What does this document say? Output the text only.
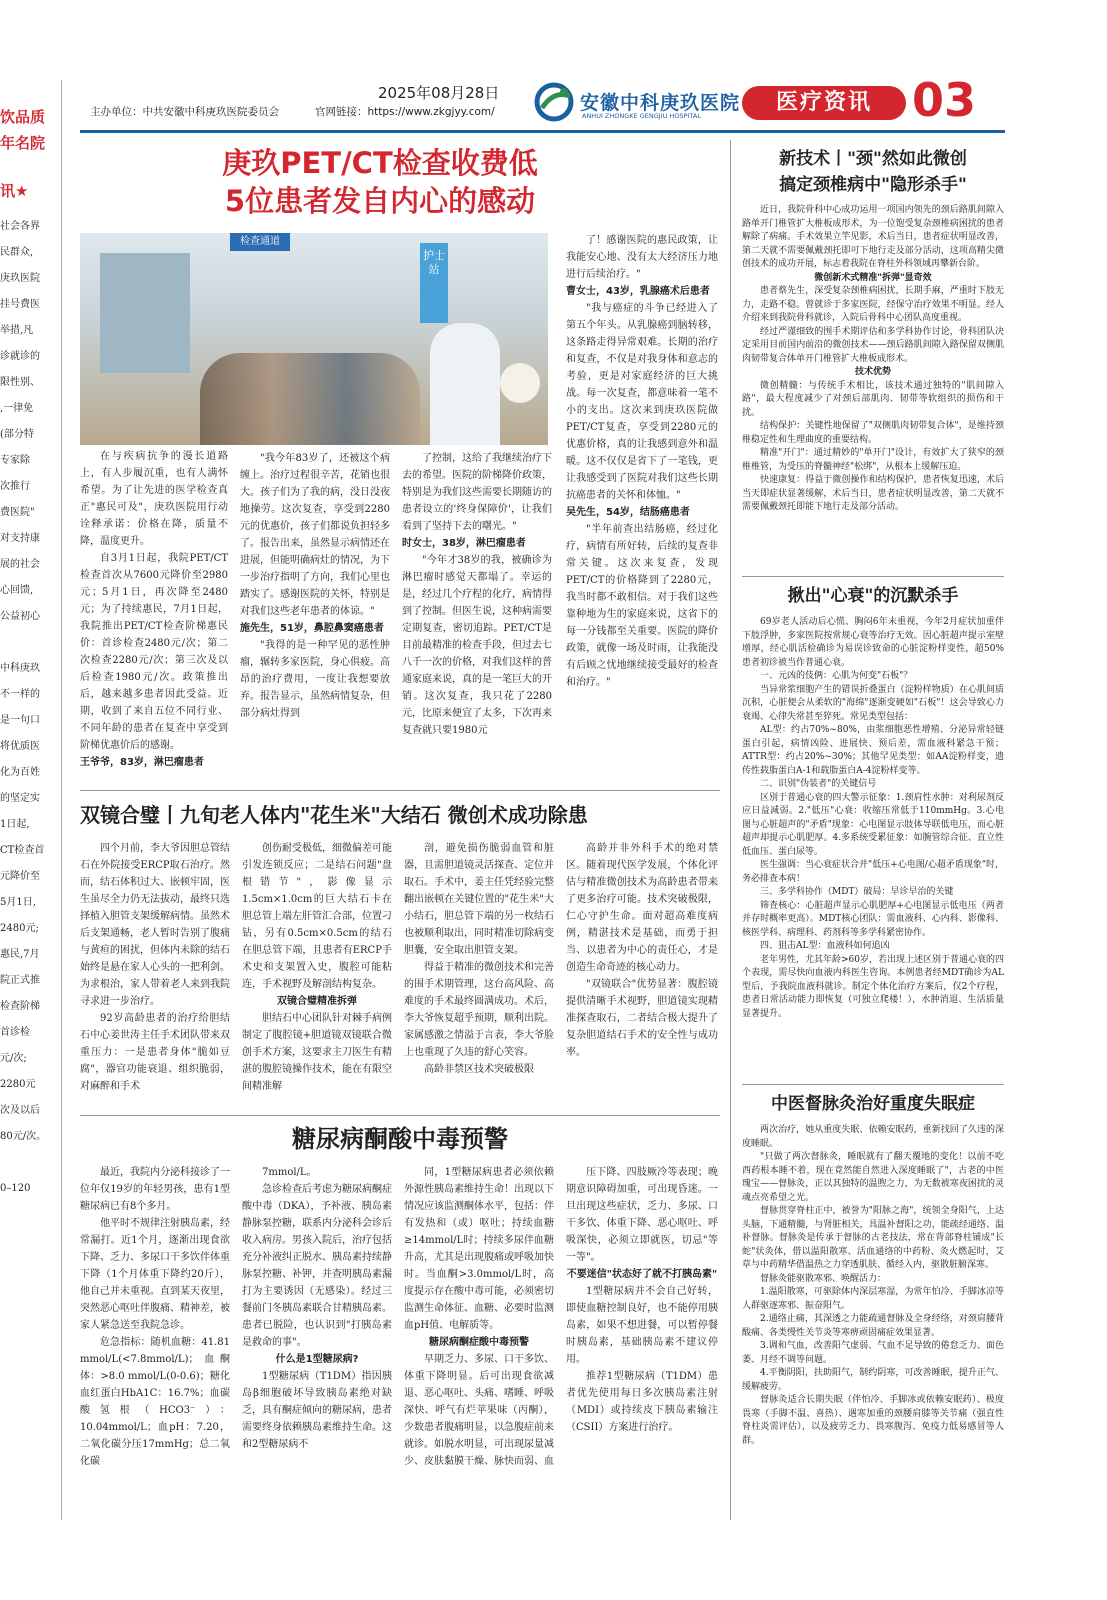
饮品质
年名院
讯★
社会各界
民群众,
庚玖医院
挂号费医
举措,凡
诊就诊的
限性别、
,一律免
(部分特
专家除
次推行
费医院"
对支持康
展的社会
心回馈,
公益初心
中科庚玖
不一样的
是一句口
将优质医
化为百姓
的坚定实
1日起,
CT检查首
元降价至
5月1日,
2480元;
惠民,7月
院正式推
检查阶梯
首诊检
元/次;
2280元
次及以后
80元/次。
0–120
2025年08月28日
主办单位：中共安徽中科庚玖医院委员会	官网链接：https://www.zkgjyy.com/	安徽中科庚玖医院
ANHUI ZHONGKE GENGJIU HOSPITAL
医疗资讯 03
庚玖PET/CT检查收费低
5位患者发自内心的感动
检查通道
护士站

在与疾病抗争的漫长道路上，有人步履沉重，也有人满怀希望。为了让先进的医学检查真正"惠民可及"，庚玖医院用行动诠释承诺：价格在降，质量不降，温度更升。

自3月1日起，我院PET/CT检查首次从7600元降价至2980元；5月1日，再次降至2480元；为了持续惠民，7月1日起，我院推出PET/CT检查阶梯惠民价：首诊检查2480元/次；第二次检查2280元/次；第三次及以后检查1980元/次。政策推出后，越来越多患者因此受益。近期，收到了来自五位不同行业、不同年龄的患者在复查中享受到阶梯优惠价后的感谢。

王爷爷，83岁，淋巴瘤患者

"我今年83岁了，还被这个病缠上。治疗过程很辛苦，花销也很大。孩子们为了我的病，没日没夜地操劳。这次复查，享受到2280元的优惠价，孩子们都说负担轻多了。报告出来，虽然显示病情还在进展，但能明确病灶的情况，为下一步治疗指明了方向，我们心里也踏实了。感谢医院的关怀，特别是对我们这些老年患者的体谅。"

施先生，51岁，鼻腔鼻窦癌患者

"我得的是一种罕见的恶性肿瘤，辗转多家医院，身心俱疲。高昂的治疗费用，一度让我想要放弃。报告显示，虽然病情复杂，但部分病灶得到

了控制，这给了我继续治疗下去的希望。医院的阶梯降价政策，特别是为我们这些需要长期随访的患者设立的'终身保障价'，让我们看到了坚持下去的曙光。"

时女士，38岁，淋巴瘤患者

"今年才38岁的我，被确诊为淋巴瘤时感觉天都塌了。幸运的是，经过几个疗程的化疗，病情得到了控制。但医生说，这种病需要定期复查，密切追踪。PET/CT是目前最精准的检查手段，但过去七八千一次的价格，对我们这样的普通家庭来说，真的是一笔巨大的开销。这次复查，我只花了2280元，比原来便宜了太多，下次再来复查就只要1980元

了！感谢医院的惠民政策，让我能安心地、没有太大经济压力地进行后续治疗。"

曹女士，43岁，乳腺癌术后患者

"我与癌症的斗争已经进入了第五个年头。从乳腺癌到脑转移，这条路走得异常艰难。长期的治疗和复查，不仅是对我身体和意志的考验，更是对家庭经济的巨大挑战。每一次复查，都意味着一笔不小的支出。这次来到庚玖医院做PET/CT复查，享受到2280元的优惠价格，真的让我感到意外和温暖。这不仅仅是省下了一笔钱，更让我感受到了医院对我们这些长期抗癌患者的关怀和体恤。"

吴先生，54岁，结肠癌患者

"半年前查出结肠癌，经过化疗，病情有所好转，后续的复查非常关键。这次来复查，发现PET/CT的价格降到了2280元，我当时都不敢相信。对于我们这些靠种地为生的家庭来说，这省下的每一分钱都至关重要。医院的降价政策，就像一场及时雨，让我能没有后顾之忧地继续接受最好的检查和治疗。"

双镜合璧丨九旬老人体内"花生米"大结石 微创术成功除患

四个月前，李大爷因胆总管结石在外院接受ERCP取石治疗。然而，结石体积过大、嵌顿牢固，医生虽尽全力仍无法拔动，最终只选择植入胆管支架缓解病情。虽然术后支架通畅，老人暂时告别了腹痛与黄疸的困扰，但体内未除的结石始终是悬在家人心头的一把利剑。为求根治，家人带着老人来到我院寻求进一步治疗。

92岁高龄患者的治疗给胆结石中心姜世涛主任手术团队带来双重压力：一是患者身体"脆如豆腐"，器官功能衰退、组织脆弱，对麻醉和手术

创伤耐受极低，细微偏差可能引发连锁反应；二是结石问题"盘根错节"，影像显示1.5cm×1.0cm的巨大结石卡在胆总管上端左肝管汇合部，位置刁钻，另有0.5cm×0.5cm的结石在胆总管下端，且患者有ERCP手术史和支架置入史，腹腔可能粘连，手术视野及解剖结构复杂。

双镜合璧精准拆弹

胆结石中心团队针对棘手病例制定了腹腔镜+胆道镜双镜联合微创手术方案，这要求主刀医生有精湛的腹腔镜操作技术，能在有限空间精准解

剖，避免损伤脆弱血管和脏器，且需胆道镜灵活探查、定位并取石。手术中，姜主任凭经验完整翻出嵌顿在关键位置的"花生米"大小结石，胆总管下端的另一枚结石也被顺利取出，同时精准切除病变胆囊，安全取出胆管支架。

得益于精准的微创技术和完善的围手术期管理，这台高风险、高难度的手术最终圆满成功。术后，李大爷恢复超乎预期，顺利出院。家属感激之情溢于言表，李大爷脸上也重现了久违的舒心笑容。

高龄非禁区技术突破极限

高龄并非外科手术的绝对禁区。随着现代医学发展，个体化评估与精准微创技术为高龄患者带来了更多治疗可能。技术突破极限，仁心守护生命。面对超高难度病例，精湛技术是基础，而勇于担当、以患者为中心的责任心，才是创造生命奇迹的核心动力。

"双镜联合"优势显著：腹腔镜提供清晰手术视野，胆道镜实现精准探查取石，二者结合极大提升了复杂胆道结石手术的安全性与成功率。

糖尿病酮酸中毒预警

最近，我院内分泌科接诊了一位年仅19岁的年轻男孩，患有1型糖尿病已有8个多月。

他平时不规律注射胰岛素，经常漏打。近1个月，逐渐出现食欲下降、乏力、多尿口干多饮伴体重下降（1个月体重下降约20斤），他自己并未重视。直到某天夜里，突然恶心呕吐伴腹痛、精神差，被家人紧急送至我院急诊。

危急指标：随机血糖：41.81 mmol/L(<7.8mmol/L)；血酮体：>8.0 mmol/L(0-0.6)；糖化血红蛋白HbA1C：16.7%；血碳酸氢根（HCO3⁻）：10.04mmol/L；血pH：7.20，二氧化碳分压17mmHg；总二氧化碳

7mmol/L。

急诊检查后考虑为糖尿病酮症酸中毒（DKA），予补液、胰岛素静脉泵控糖，联系内分泌科会诊后收入病房。男孩入院后，治疗包括充分补液纠正脱水、胰岛素持续静脉泵控糖、补钾，并查明胰岛素漏打为主要诱因（无感染）。经过三餐前门冬胰岛素联合甘精胰岛素。患者已脱险，也认识到"打胰岛素是救命的事"。

什么是1型糖尿病?

1型糖尿病（T1DM）指因胰岛β细胞破坏导致胰岛素绝对缺乏，具有酮症倾向的糖尿病，患者需要终身依赖胰岛素维持生命。这和2型糖尿病不

同，1型糖尿病患者必须依赖外源性胰岛素维持生命！出现以下情况应该监测酮体水平，包括：伴有发热和（或）呕吐；持续血糖≥14mmol/L时；持续多尿伴血糖升高，尤其是出现腹痛或呼吸加快时。当血酮>3.0mmol/L时，高度提示存在酸中毒可能，必须密切监测生命体征、血糖、必要时监测血pH值、电解质等。

糖尿病酮症酸中毒预警

早期乏力、多尿、口干多饮、体重下降明显。后可出现食欲减退、恶心呕吐、头痛、嗜睡、呼吸深快、呼气有烂苹果味（丙酮），少数患者腹痛明显，以急腹症前来就诊。如脱水明显，可出现尿量减少、皮肤黏膜干燥、脉快而弱、血

压下降、四肢厥冷等表现；晚期意识障碍加重，可出现昏迷。一旦出现这些症状，乏力、多尿、口干多饮、体重下降、恶心呕吐、呼吸深快，必须立即就医，切忌"等一等"。

不要迷信"状态好了就不打胰岛素"

1型糖尿病并不会自己好转，即使血糖控制良好，也不能停用胰岛素，如果不想进餐，可以暂停餐时胰岛素，基础胰岛素不建议停用。

推荐1型糖尿病（T1DM）患者优先使用每日多次胰岛素注射（MDI）或持续皮下胰岛素输注（CSII）方案进行治疗。

新技术丨"颈"然如此微创
搞定颈椎病中"隐形杀手"

近日，我院骨科中心成功运用一项国内领先的颈后路肌间隙入路单开门椎管扩大椎板成形术，为一位饱受复杂颈椎病困扰的患者解除了病痛。手术效果立竿见影，术后当日，患者症状明显改善，第二天就不需要佩戴颈托即可下地行走及部分活动，这项高精尖微创技术的成功开展，标志着我院在脊柱外科领域再攀新台阶。

微创新术式精准"拆弹"显奇效

患者蔡先生，深受复杂颈椎病困扰，长期手麻，严重时下肢无力，走路不稳。曾就诊于多家医院，经保守治疗效果不明显。经人介绍来到我院骨科就诊，入院后骨科中心团队高度重视。

经过严谨细致的围手术期评估和多学科协作讨论，骨科团队决定采用目前国内前沿的微创技术——颈后路肌间隙入路保留双侧肌肉韧带复合体单开门椎管扩大椎板成形术。

技术优势

微创精髓：与传统手术相比，该技术通过独特的"肌间隙入路"，最大程度减少了对颈后部肌肉、韧带等软组织的损伤和干扰。

结构保护：关键性地保留了"双侧肌肉韧带复合体"，是维持颈椎稳定性和生理曲度的重要结构。

精准"开门"：通过精妙的"单开门"设计，有效扩大了狭窄的颈椎椎管，为受压的脊髓神经"松绑"，从根本上缓解压迫。

快速康复：得益于微创操作和结构保护，患者恢复迅速，术后当天即症状显著缓解，术后当日，患者症状明显改善，第二天就不需要佩戴颈托即能下地行走及部分活动。

揪出"心衰"的沉默杀手

69岁老人活动后心慌、胸闷6年未重视，今年2月症状加重伴下肢浮肿，多家医院按常规心衰等治疗无效。因心脏超声提示室壁增厚，经心肌活检确诊为易误诊致命的心脏淀粉样变性，超50%患者初诊被当作普通心衰。

一、元凶的伎俩：心肌为何变"石板"？

当异常浆细胞产生的错误折叠蛋白（淀粉样物质）在心肌间质沉积，心脏便会从柔软的"海绵"逐渐变硬如"石板"！这会导致心力衰竭、心律失常甚至猝死。常见类型包括：

AL型：约占70%~80%，由浆细胞恶性增殖、分泌异常轻链蛋白引起，病情凶险、进展快、预后差，需血液科紧急干预；ATTR型：约占20%~30%；其他罕见类型：如AA淀粉样变，遗传性载脂蛋白A-1和载脂蛋白A-4淀粉样变等。

二、识别"伪装者"的关键信号

区别于普通心衰的四大警示征象：1.颈肩性水肿：对利尿剂反应日益减弱。2."低压"心衰：收缩压常低于110mmHg。3.心电图与心脏超声的"矛盾"现象：心电图显示肢体导联低电压，而心脏超声却提示心肌肥厚。4.多系统受累征象：如腕管综合征、直立性低血压、蛋白尿等。

医生强调：当心衰症状合并"低压+心电图/心超矛盾现象"时，务必排查本病！

三、多学科协作（MDT）破局：早诊早治的关键

筛查核心：心脏超声显示心肌肥厚+心电图显示低电压（两者并存时概率更高）。MDT核心团队：需血液科、心内科、影像科、核医学科、病理科、药剂科等多学科紧密协作。

四、狙击AL型：血液科如何追凶

老年男性，尤其年龄>60岁，若出现上述区别于普通心衰的四个表现，需尽快向血液内科医生咨询。本例患者经MDT确诊为AL型后，予我院血液科就诊。制定个体化治疗方案后，仅2个疗程，患者日常活动能力即恢复（可独立爬楼！），水肿消退、生活质量显著提升。

中医督脉灸治好重度失眠症

两次治疗，她从重度失眠、依赖安眠药，重新找回了久违的深度睡眠。

"只做了两次督脉灸，睡眠就有了翻天覆地的变化！以前不吃西药根本睡不着，现在竟然能自然进入深度睡眠了"，古老的中医瑰宝——督脉灸，正以其独特的温煦之力，为无数被寒夜困扰的灵魂点亮希望之光。

督脉贯穿脊柱正中，被誉为"阳脉之海"，统领全身阳气，上达头脑，下通精髓，与肾脏相关，具温补督阳之功，能疏经通络、温补督脉。督脉灸是传承于督脉的古老技法，常在背部脊柱铺成"长蛇"状灸体，借以温阳散寒、活血通络的中药粉、灸火燃起时，艾草与中药精华借温热之力穿透肌肤、循经入内，驱散脏腑深寒。

督脉灸能驱散寒邪、唤醒活力：

1.温阳散寒，可驱除体内深层寒湿，为常年怕冷、手脚冰凉等人群驱逐寒邪、振奋阳气。

2.通络止痛，其深透之力能疏通督脉及全身经络，对颈肩腰背酸痛、各类慢性关节炎等寒痹顽固痛症效果显著。

3.调和气血，改善阳气虚弱、气血不足导致的倦怠乏力、面色萎、月经不调等问题。

4.平衡阴阳，扶助阳气，制约阴寒，可改善睡眠，提升正气、缓解疲劳。

督脉灸适合长期失眠（伴怕冷、手脚冰或依赖安眠药）、极度畏寒（手脚不温、喜热）、遇寒加重的颈腰肩膝等关节痛（强直性脊柱炎需评估），以及疲劳乏力、畏寒腹泻、免疫力低易感冒等人群。
